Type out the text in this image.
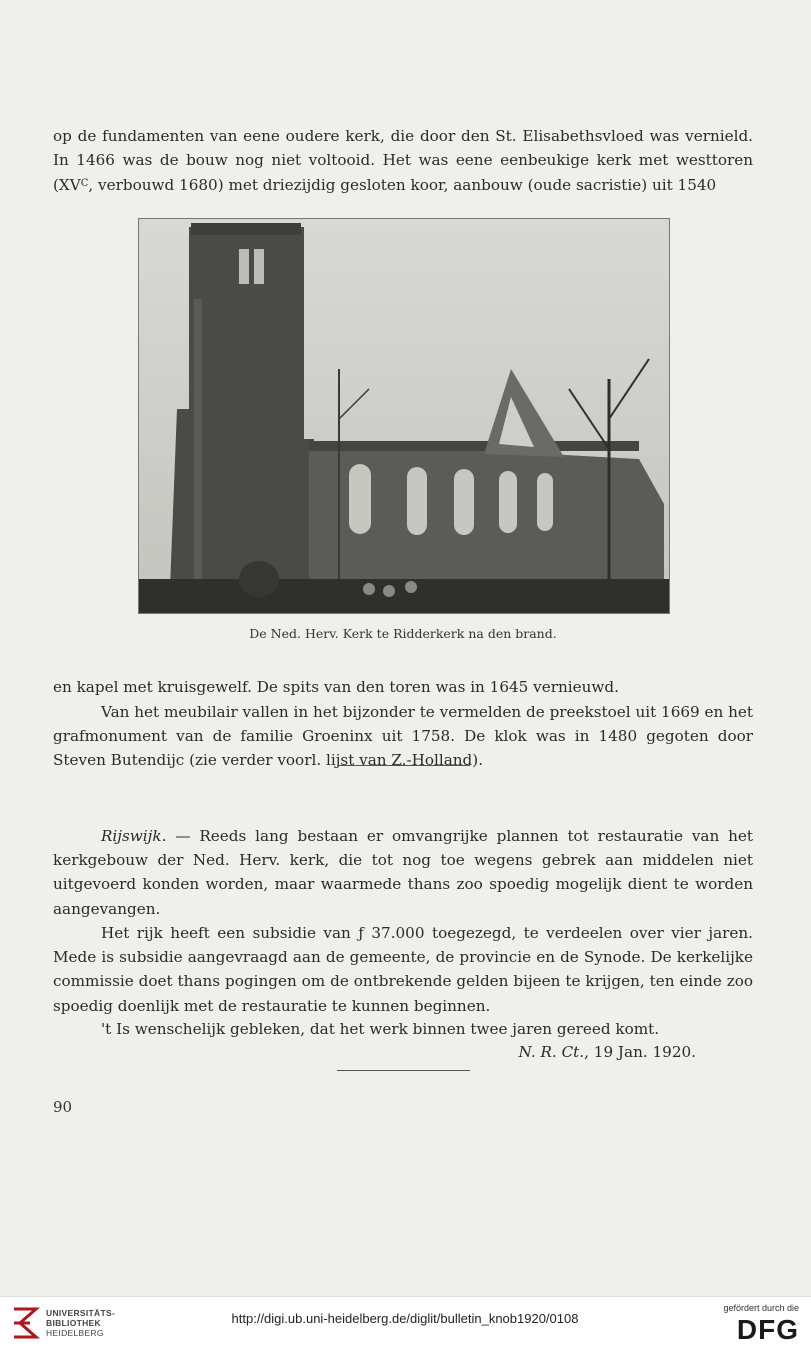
op de fundamenten van eene oudere kerk, die door den St. Elisabethsvloed was vernield. In 1466 was de bouw nog niet voltooid. Het was eene eenbeukige kerk met westtoren ($XV^C$, verbouwd 1680) met driezijdig gesloten koor, aanbouw (oude sacristie) uit 1540

De Ned. Herv. Kerk te Ridderkerk na den brand.

en kapel met kruisgewelf. De spits van den toren was in 1645 vernieuwd.

Van het meubilair vallen in het bijzonder te vermelden de preekstoel uit 1669 en het grafmonument van de familie Groeninx uit 1758. De klok was in 1480 gegoten door Steven Butendijc (zie verder voorl. lijst van Z.-Holland).

Rijswijk. — Reeds lang bestaan er omvangrijke plannen tot restauratie van het kerkgebouw der Ned. Herv. kerk, die tot nog toe wegens gebrek aan middelen niet uitgevoerd konden worden, maar waarmede thans zoo spoedig mogelijk dient te worden aangevangen.

Het rijk heeft een subsidie van ƒ 37.000 toegezegd, te verdeelen over vier jaren. Mede is subsidie aangevraagd aan de gemeente, de provincie en de Synode. De kerkelijke commissie doet thans pogingen om de ontbrekende gelden bijeen te krijgen, ten einde zoo spoedig doenlijk met de restauratie te kunnen beginnen.

't Is wenschelijk gebleken, dat het werk binnen twee jaren gereed komt.

N. R. Ct., 19 Jan. 1920.
90
UNIVERSITÄTS-
BIBLIOTHEK
HEIDELBERG
http://digi.ub.uni-heidelberg.de/diglit/bulletin_knob1920/0108
gefördert durch die
DFG
